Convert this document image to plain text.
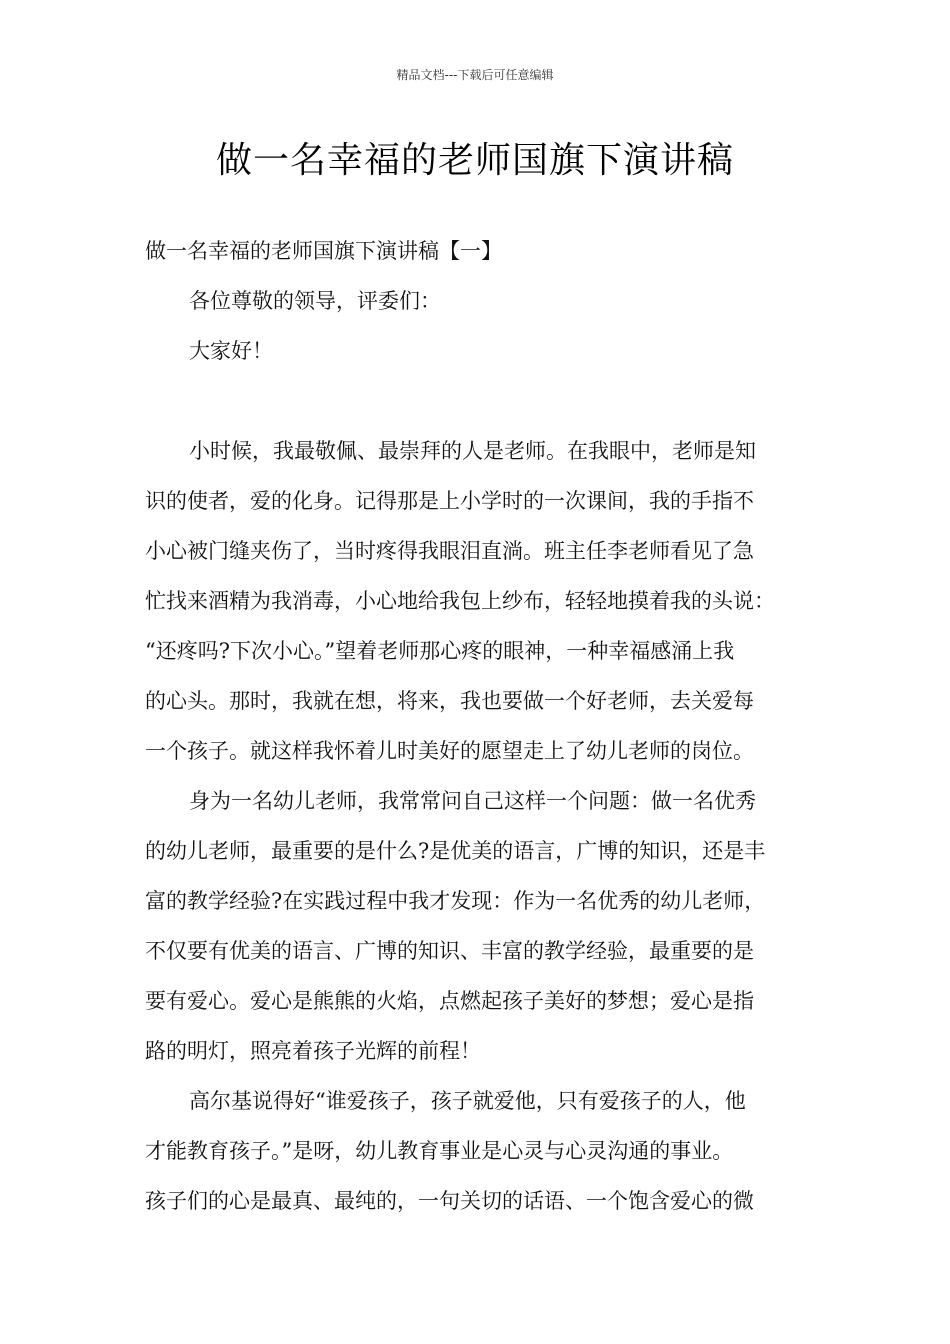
精品文档---下载后可任意编辑
做一名幸福的老师国旗下演讲稿

做一名幸福的老师国旗下演讲稿【一】

各位尊敬的领导，评委们：

大家好！

小时候，我最敬佩、最崇拜的人是老师。在我眼中，老师是知

识的使者，爱的化身。记得那是上小学时的一次课间，我的手指不

小心被门缝夹伤了，当时疼得我眼泪直淌。班主任李老师看见了急

忙找来酒精为我消毒，小心地给我包上纱布，轻轻地摸着我的头说：

“还疼吗?下次小心。”望着老师那心疼的眼神，一种幸福感涌上我

的心头。那时，我就在想，将来，我也要做一个好老师，去关爱每

一个孩子。就这样我怀着儿时美好的愿望走上了幼儿老师的岗位。

身为一名幼儿老师，我常常问自己这样一个问题：做一名优秀

的幼儿老师，最重要的是什么?是优美的语言，广博的知识，还是丰

富的教学经验?在实践过程中我才发现：作为一名优秀的幼儿老师，

不仅要有优美的语言、广博的知识、丰富的教学经验，最重要的是

要有爱心。爱心是熊熊的火焰，点燃起孩子美好的梦想；爱心是指

路的明灯，照亮着孩子光辉的前程！

高尔基说得好“谁爱孩子，孩子就爱他，只有爱孩子的人，他

才能教育孩子。”是呀，幼儿教育事业是心灵与心灵沟通的事业。

孩子们的心是最真、最纯的，一句关切的话语、一个饱含爱心的微
